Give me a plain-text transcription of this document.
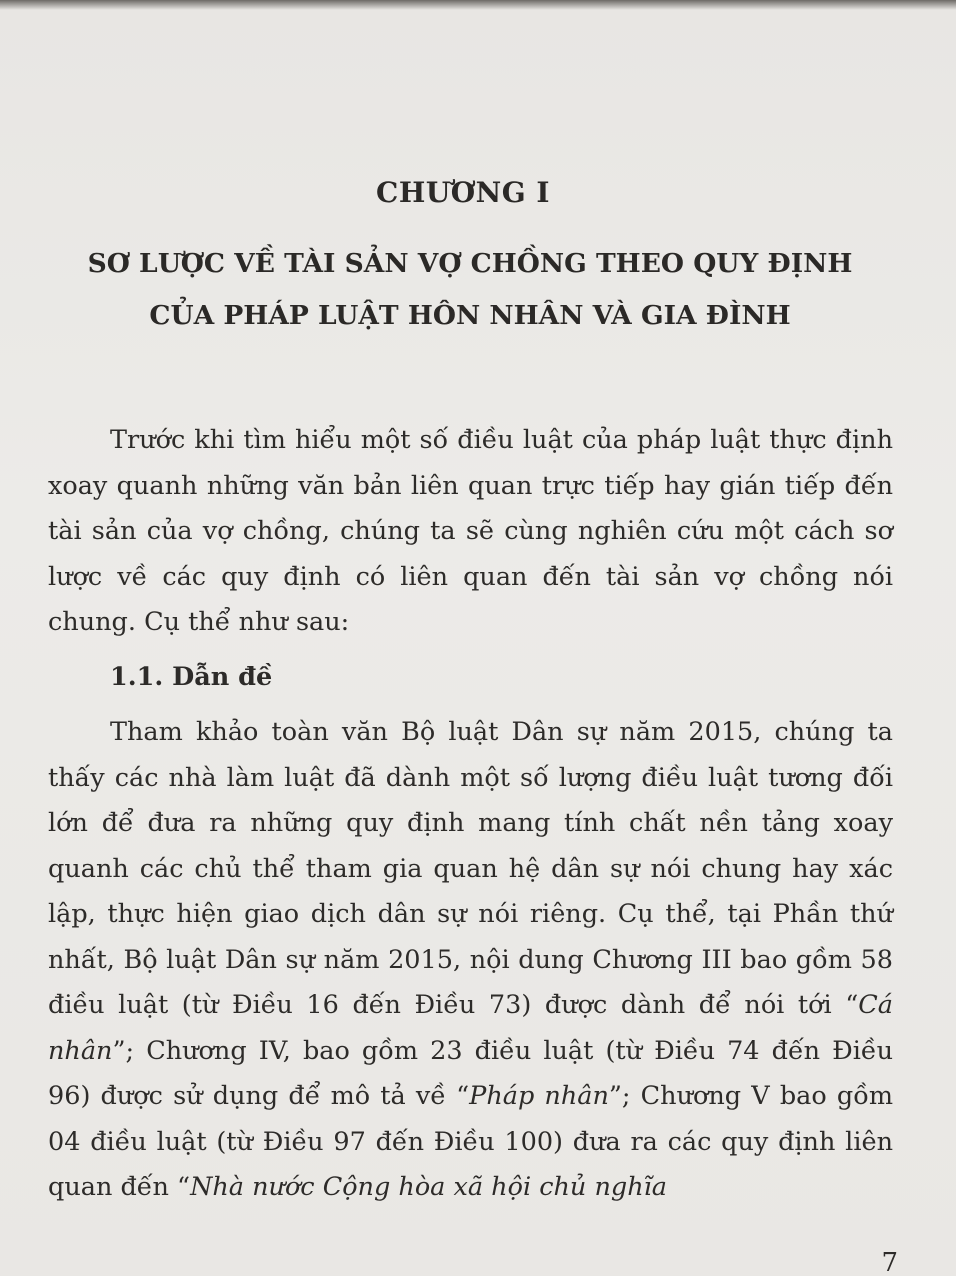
CHƯƠNG I
SƠ LƯỢC VỀ TÀI SẢN VỢ CHỒNG THEO QUY ĐỊNH
CỦA PHÁP LUẬT HÔN NHÂN VÀ GIA ĐÌNH

Trước khi tìm hiểu một số điều luật của pháp luật thực định xoay quanh những văn bản liên quan trực tiếp hay gián tiếp đến tài sản của vợ chồng, chúng ta sẽ cùng nghiên cứu một cách sơ lược về các quy định có liên quan đến tài sản vợ chồng nói chung. Cụ thể như sau:

1.1. Dẫn đề

Tham khảo toàn văn Bộ luật Dân sự năm 2015, chúng ta thấy các nhà làm luật đã dành một số lượng điều luật tương đối lớn để đưa ra những quy định mang tính chất nền tảng xoay quanh các chủ thể tham gia quan hệ dân sự nói chung hay xác lập, thực hiện giao dịch dân sự nói riêng. Cụ thể, tại Phần thứ nhất, Bộ luật Dân sự năm 2015, nội dung Chương III bao gồm 58 điều luật (từ Điều 16 đến Điều 73) được dành để nói tới “Cá nhân”; Chương IV, bao gồm 23 điều luật (từ Điều 74 đến Điều 96) được sử dụng để mô tả về “Pháp nhân”; Chương V bao gồm 04 điều luật (từ Điều 97 đến Điều 100) đưa ra các quy định liên quan đến “Nhà nước Cộng hòa xã hội chủ nghĩa

7
